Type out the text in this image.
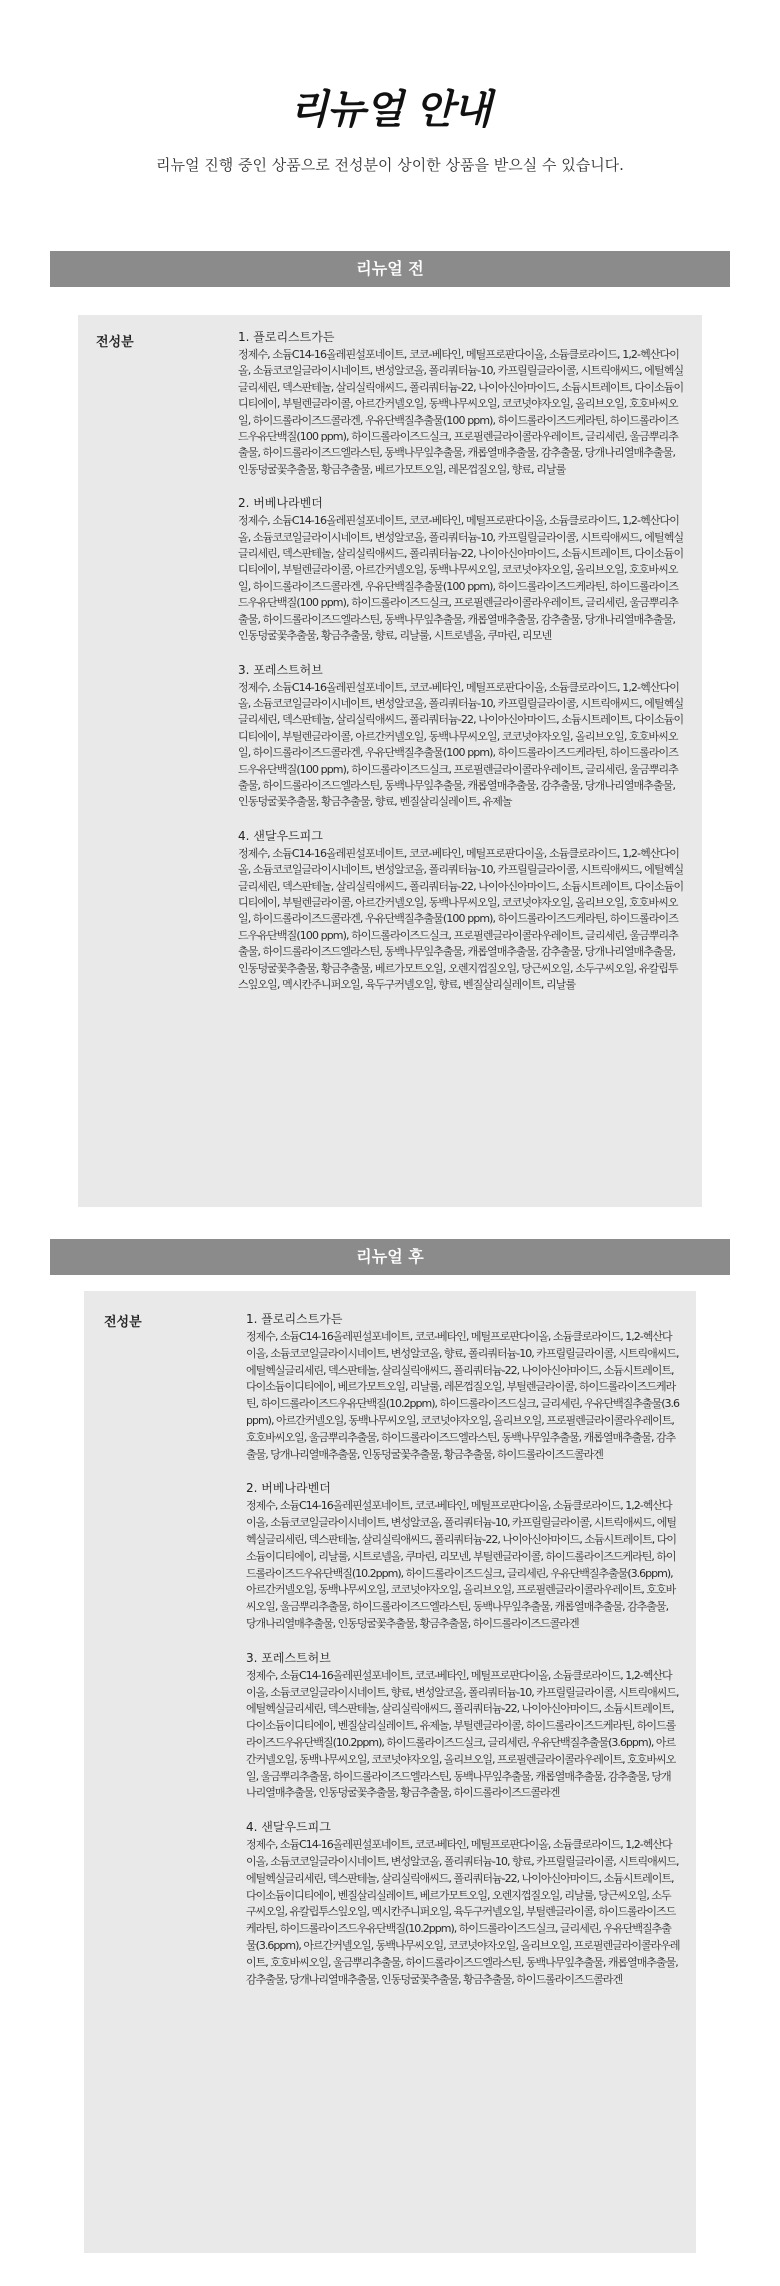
리뉴얼 안내
리뉴얼 진행 중인 상품으로 전성분이 상이한 상품을 받으실 수 있습니다.
리뉴얼 전
전성분	1. 플로리스트가든
정제수, 소듐C14-16올레핀설포네이트, 코코-베타인, 메틸프로판다이올, 소듐클로라이드, 1,2-헥산다이올, 소듐코코일글라이시네이트, 변성알코올, 폴리쿼터늄-10, 카프릴릴글라이콜, 시트릭애씨드, 에틸헥실글리세린, 덱스판테놀, 살리실릭애씨드, 폴리쿼터늄-22, 나이아신아마이드, 소듐시트레이트, 다이소듐이디티에이, 부틸렌글라이콜, 아르간커넬오일, 동백나무씨오일, 코코넛야자오일, 올리브오일, 호호바씨오일, 하이드롤라이즈드콜라겐, 우유단백질추출물(100 ppm), 하이드롤라이즈드케라틴, 하이드롤라이즈드우유단백질(100 ppm), 하이드롤라이즈드실크, 프로필렌글라이콜라우레이트, 글리세린, 울금뿌리추출물, 하이드롤라이즈드엘라스틴, 동백나무잎추출물, 캐롭열매추출물, 감추출물, 당개나리열매추출물, 인동덩굴꽃추출물, 황금추출물, 베르가모트오일, 레몬껍질오일, 향료, 리날룰
2. 버베나라벤더
정제수, 소듐C14-16올레핀설포네이트, 코코-베타인, 메틸프로판다이올, 소듐클로라이드, 1,2-헥산다이올, 소듐코코일글라이시네이트, 변성알코올, 폴리쿼터늄-10, 카프릴릴글라이콜, 시트릭애씨드, 에틸헥실글리세린, 덱스판테놀, 살리실릭애씨드, 폴리쿼터늄-22, 나이아신아마이드, 소듐시트레이트, 다이소듐이디티에이, 부틸렌글라이콜, 아르간커넬오일, 동백나무씨오일, 코코넛야자오일, 올리브오일, 호호바씨오일, 하이드롤라이즈드콜라겐, 우유단백질추출물(100 ppm), 하이드롤라이즈드케라틴, 하이드롤라이즈드우유단백질(100 ppm), 하이드롤라이즈드실크, 프로필렌글라이콜라우레이트, 글리세린, 울금뿌리추출물, 하이드롤라이즈드엘라스틴, 동백나무잎추출물, 캐롭열매추출물, 감추출물, 당개나리열매추출물, 인동덩굴꽃추출물, 황금추출물, 향료, 리날룰, 시트로넬올, 쿠마린, 리모넨
3. 포레스트허브
정제수, 소듐C14-16올레핀설포네이트, 코코-베타인, 메틸프로판다이올, 소듐클로라이드, 1,2-헥산다이올, 소듐코코일글라이시네이트, 변성알코올, 폴리쿼터늄-10, 카프릴릴글라이콜, 시트릭애씨드, 에틸헥실글리세린, 덱스판테놀, 살리실릭애씨드, 폴리쿼터늄-22, 나이아신아마이드, 소듐시트레이트, 다이소듐이디티에이, 부틸렌글라이콜, 아르간커넬오일, 동백나무씨오일, 코코넛야자오일, 올리브오일, 호호바씨오일, 하이드롤라이즈드콜라겐, 우유단백질추출물(100 ppm), 하이드롤라이즈드케라틴, 하이드롤라이즈드우유단백질(100 ppm), 하이드롤라이즈드실크, 프로필렌글라이콜라우레이트, 글리세린, 울금뿌리추출물, 하이드롤라이즈드엘라스틴, 동백나무잎추출물, 캐롭열매추출물, 감추출물, 당개나리열매추출물, 인동덩굴꽃추출물, 황금추출물, 향료, 벤질살리실레이트, 유제놀
4. 샌달우드피그
정제수, 소듐C14-16올레핀설포네이트, 코코-베타인, 메틸프로판다이올, 소듐클로라이드, 1,2-헥산다이올, 소듐코코일글라이시네이트, 변성알코올, 폴리쿼터늄-10, 카프릴릴글라이콜, 시트릭애씨드, 에틸헥실글리세린, 덱스판테놀, 살리실릭애씨드, 폴리쿼터늄-22, 나이아신아마이드, 소듐시트레이트, 다이소듐이디티에이, 부틸렌글라이콜, 아르간커넬오일, 동백나무씨오일, 코코넛야자오일, 올리브오일, 호호바씨오일, 하이드롤라이즈드콜라겐, 우유단백질추출물(100 ppm), 하이드롤라이즈드케라틴, 하이드롤라이즈드우유단백질(100 ppm), 하이드롤라이즈드실크, 프로필렌글라이콜라우레이트, 글리세린, 울금뿌리추출물, 하이드롤라이즈드엘라스틴, 동백나무잎추출물, 캐롭열매추출물, 감추출물, 당개나리열매추출물, 인동덩굴꽃추출물, 황금추출물, 베르가모트오일, 오렌지껍질오일, 당근씨오일, 소두구씨오일, 유칼립투스잎오일, 멕시칸주니퍼오일, 육두구커넬오일, 향료, 벤질살리실레이트, 리날룰
리뉴얼 후
전성분	1. 플로리스트가든
정제수, 소듐C14-16올레핀설포네이트, 코코-베타인, 메틸프로판다이올, 소듐클로라이드, 1,2-헥산다이올, 소듐코코일글라이시네이트, 변성알코올, 향료, 폴리쿼터늄-10, 카프릴릴글라이콜, 시트릭애씨드, 에틸헥실글리세린, 덱스판테놀, 살리실릭애씨드, 폴리쿼터늄-22, 나이아신아마이드, 소듐시트레이트, 다이소듐이디티에이, 베르가모트오일, 리날룰, 레몬껍질오일, 부틸렌글라이콜, 하이드롤라이즈드케라틴, 하이드롤라이즈드우유단백질(10.2ppm), 하이드롤라이즈드실크, 글리세린, 우유단백질추출물(3.6ppm), 아르간커넬오일, 동백나무씨오일, 코코넛야자오일, 올리브오일, 프로필렌글라이콜라우레이트, 호호바씨오일, 울금뿌리추출물, 하이드롤라이즈드엘라스틴, 동백나무잎추출물, 캐롭열매추출물, 감추출물, 당개나리열매추출물, 인동덩굴꽃추출물, 황금추출물, 하이드롤라이즈드콜라겐
2. 버베나라벤더
정제수, 소듐C14-16올레핀설포네이트, 코코-베타인, 메틸프로판다이올, 소듐클로라이드, 1,2-헥산다이올, 소듐코코일글라이시네이트, 변성알코올, 폴리쿼터늄-10, 카프릴릴글라이콜, 시트릭애씨드, 에틸헥실글리세린, 덱스판테놀, 살리실릭애씨드, 폴리쿼터늄-22, 나이아신아마이드, 소듐시트레이트, 다이소듐이디티에이, 리날룰, 시트로넬올, 쿠마린, 리모넨, 부틸렌글라이콜, 하이드롤라이즈드케라틴, 하이드롤라이즈드우유단백질(10.2ppm), 하이드롤라이즈드실크, 글리세린, 우유단백질추출물(3.6ppm), 아르간커넬오일, 동백나무씨오일, 코코넛야자오일, 올리브오일, 프로필렌글라이콜라우레이트, 호호바씨오일, 울금뿌리추출물, 하이드롤라이즈드엘라스틴, 동백나무잎추출물, 캐롭열매추출물, 감추출물, 당개나리열매추출물, 인동덩굴꽃추출물, 황금추출물, 하이드롤라이즈드콜라겐
3. 포레스트허브
정제수, 소듐C14-16올레핀설포네이트, 코코-베타인, 메틸프로판다이올, 소듐클로라이드, 1,2-헥산다이올, 소듐코코일글라이시네이트, 향료, 변성알코올, 폴리쿼터늄-10, 카프릴릴글라이콜, 시트릭애씨드, 에틸헥실글리세린, 덱스판테놀, 살리실릭애씨드, 폴리쿼터늄-22, 나이아신아마이드, 소듐시트레이트, 다이소듐이디티에이, 벤질살리실레이트, 유제놀, 부틸렌글라이콜, 하이드롤라이즈드케라틴, 하이드롤라이즈드우유단백질(10.2ppm), 하이드롤라이즈드실크, 글리세린, 우유단백질추출물(3.6ppm), 아르간커넬오일, 동백나무씨오일, 코코넛야자오일, 올리브오일, 프로필렌글라이콜라우레이트, 호호바씨오일, 울금뿌리추출물, 하이드롤라이즈드엘라스틴, 동백나무잎추출물, 캐롭열매추출물, 감추출물, 당개나리열매추출물, 인동덩굴꽃추출물, 황금추출물, 하이드롤라이즈드콜라겐
4. 샌달우드피그
정제수, 소듐C14-16올레핀설포네이트, 코코-베타인, 메틸프로판다이올, 소듐클로라이드, 1,2-헥산다이올, 소듐코코일글라이시네이트, 변성알코올, 폴리쿼터늄-10, 향료, 카프릴릴글라이콜, 시트릭애씨드, 에틸헥실글리세린, 덱스판테놀, 살리실릭애씨드, 폴리쿼터늄-22, 나이아신아마이드, 소듐시트레이트, 다이소듐이디티에이, 벤질살리실레이트, 베르가모트오일, 오렌지껍질오일, 리날룰, 당근씨오일, 소두구씨오일, 유칼립투스잎오일, 멕시칸주니퍼오일, 육두구커넬오일, 부틸렌글라이콜, 하이드롤라이즈드케라틴, 하이드롤라이즈드우유단백질(10.2ppm), 하이드롤라이즈드실크, 글리세린, 우유단백질추출물(3.6ppm), 아르간커넬오일, 동백나무씨오일, 코코넛야자오일, 올리브오일, 프로필렌글라이콜라우레이트, 호호바씨오일, 울금뿌리추출물, 하이드롤라이즈드엘라스틴, 동백나무잎추출물, 캐롭열매추출물, 감추출물, 당개나리열매추출물, 인동덩굴꽃추출물, 황금추출물, 하이드롤라이즈드콜라겐
